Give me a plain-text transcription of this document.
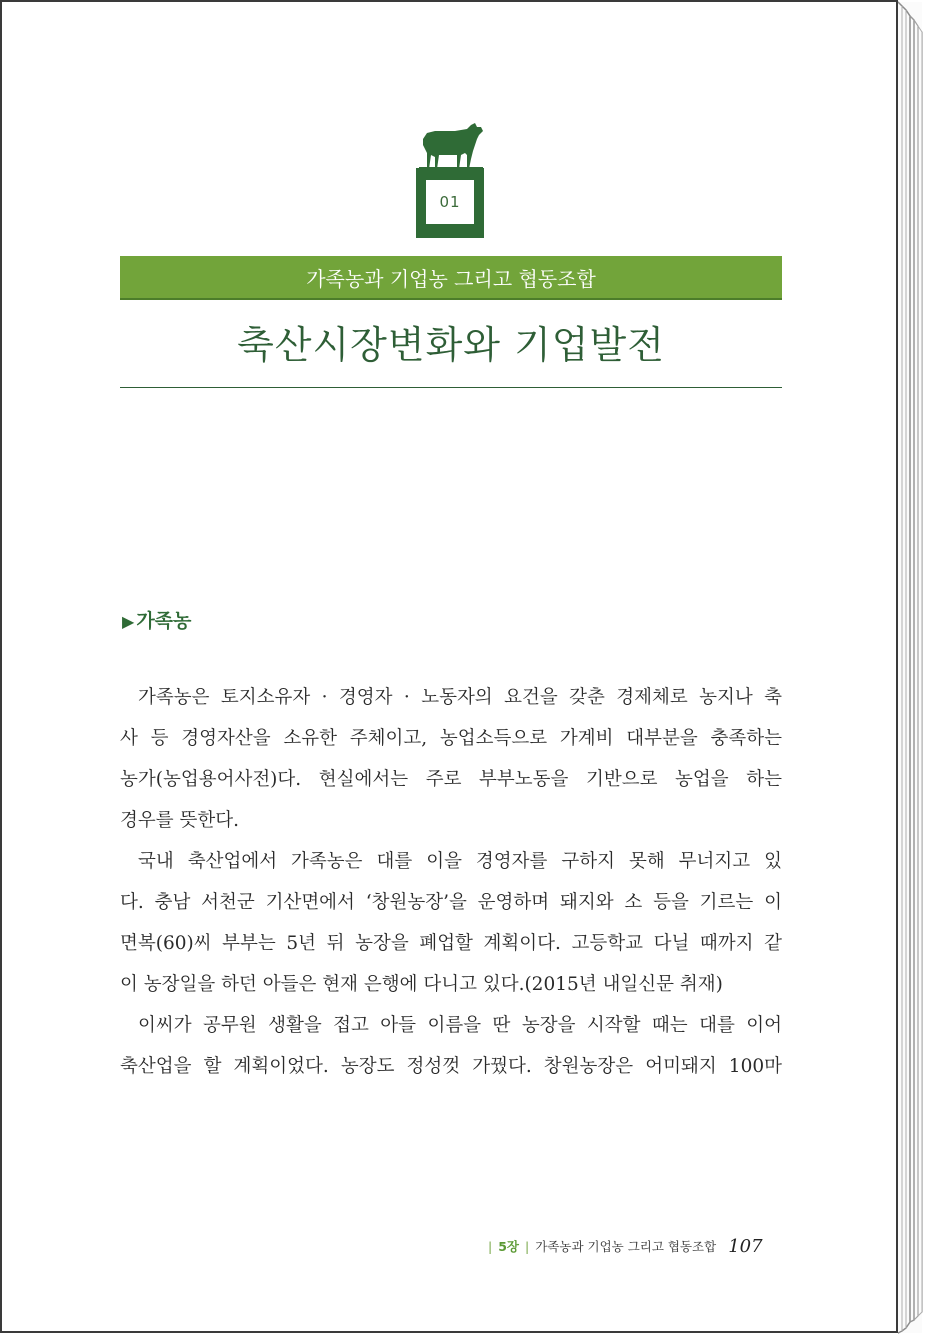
01
가족농과 기업농 그리고 협동조합
축산시장변화와 기업발전
▶ 가족농
가족농은 토지소유자 · 경영자 · 노동자의 요건을 갖춘 경제체로 농지나 축
사 등 경영자산을 소유한 주체이고, 농업소득으로 가계비 대부분을 충족하는
농가(농업용어사전)다. 현실에서는 주로 부부노동을 기반으로 농업을 하는
경우를 뜻한다.
국내 축산업에서 가족농은 대를 이을 경영자를 구하지 못해 무너지고 있
다. 충남 서천군 기산면에서 ‘창원농장’을 운영하며 돼지와 소 등을 기르는 이
면복(60)씨 부부는 5년 뒤 농장을 폐업할 계획이다. 고등학교 다닐 때까지 같
이 농장일을 하던 아들은 현재 은행에 다니고 있다.(2015년 내일신문 취재)
이씨가 공무원 생활을 접고 아들 이름을 딴 농장을 시작할 때는 대를 이어
축산업을 할 계획이었다. 농장도 정성껏 가꿨다. 창원농장은 어미돼지 100마
| 5장 | 가족농과 기업농 그리고 협동조합 107
